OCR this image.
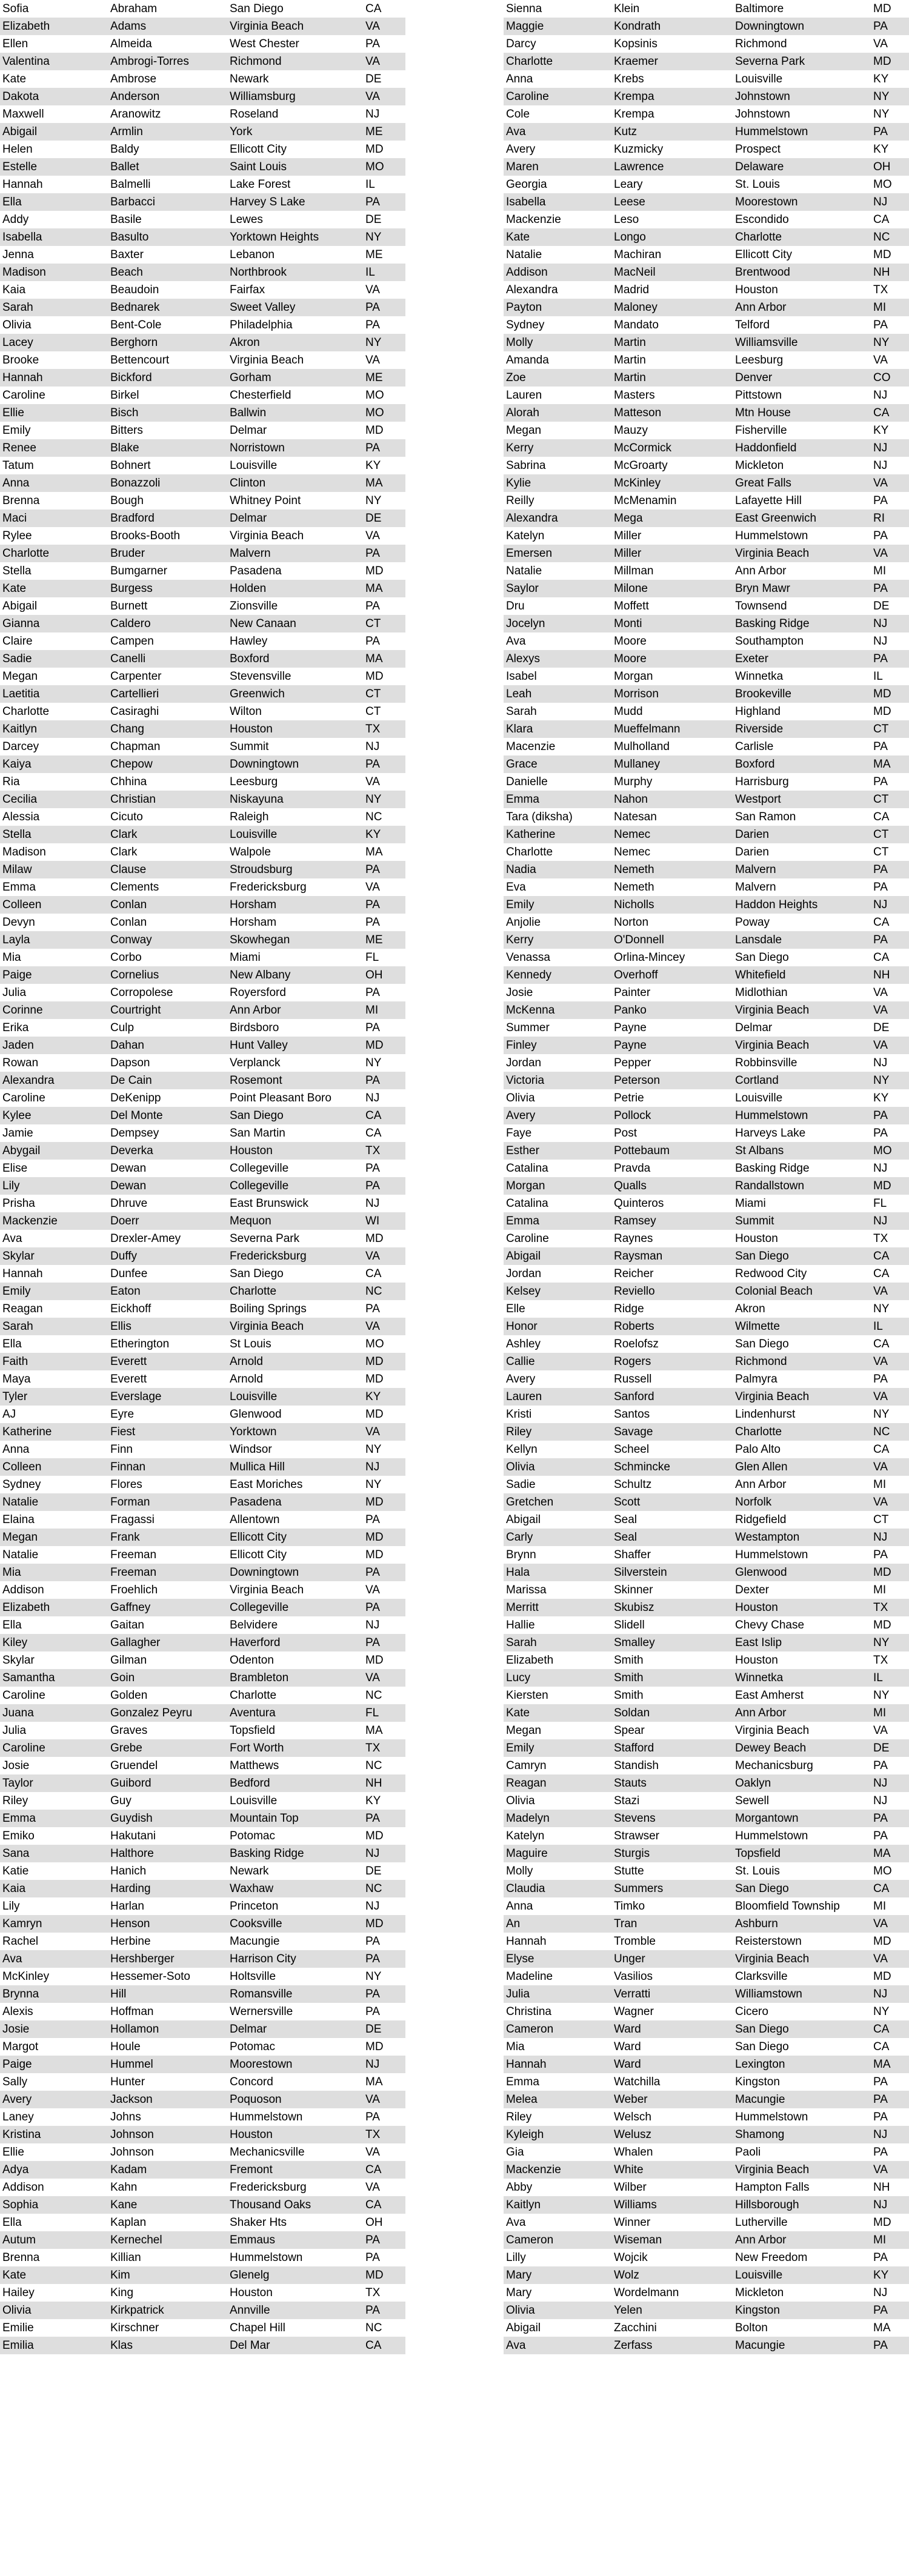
Sofia	Abraham	San Diego	CA
Elizabeth	Adams	Virginia Beach	VA
Ellen	Almeida	West Chester	PA
Valentina	Ambrogi-Torres	Richmond	VA
Kate	Ambrose	Newark	DE
Dakota	Anderson	Williamsburg	VA
Maxwell	Aranowitz	Roseland	NJ
Abigail	Armlin	York	ME
Helen	Baldy	Ellicott City	MD
Estelle	Ballet	Saint Louis	MO
Hannah	Balmelli	Lake Forest	IL
Ella	Barbacci	Harvey S Lake	PA
Addy	Basile	Lewes	DE
Isabella	Basulto	Yorktown Heights	NY
Jenna	Baxter	Lebanon	ME
Madison	Beach	Northbrook	IL
Kaia	Beaudoin	Fairfax	VA
Sarah	Bednarek	Sweet Valley	PA
Olivia	Bent-Cole	Philadelphia	PA
Lacey	Berghorn	Akron	NY
Brooke	Bettencourt	Virginia Beach	VA
Hannah	Bickford	Gorham	ME
Caroline	Birkel	Chesterfield	MO
Ellie	Bisch	Ballwin	MO
Emily	Bitters	Delmar	MD
Renee	Blake	Norristown	PA
Tatum	Bohnert	Louisville	KY
Anna	Bonazzoli	Clinton	MA
Brenna	Bough	Whitney Point	NY
Maci	Bradford	Delmar	DE
Rylee	Brooks-Booth	Virginia Beach	VA
Charlotte	Bruder	Malvern	PA
Stella	Bumgarner	Pasadena	MD
Kate	Burgess	Holden	MA
Abigail	Burnett	Zionsville	PA
Gianna	Caldero	New Canaan	CT
Claire	Campen	Hawley	PA
Sadie	Canelli	Boxford	MA
Megan	Carpenter	Stevensville	MD
Laetitia	Cartellieri	Greenwich	CT
Charlotte	Casiraghi	Wilton	CT
Kaitlyn	Chang	Houston	TX
Darcey	Chapman	Summit	NJ
Kaiya	Chepow	Downingtown	PA
Ria	Chhina	Leesburg	VA
Cecilia	Christian	Niskayuna	NY
Alessia	Cicuto	Raleigh	NC
Stella	Clark	Louisville	KY
Madison	Clark	Walpole	MA
Milaw	Clause	Stroudsburg	PA
Emma	Clements	Fredericksburg	VA
Colleen	Conlan	Horsham	PA
Devyn	Conlan	Horsham	PA
Layla	Conway	Skowhegan	ME
Mia	Corbo	Miami	FL
Paige	Cornelius	New Albany	OH
Julia	Corropolese	Royersford	PA
Corinne	Courtright	Ann Arbor	MI
Erika	Culp	Birdsboro	PA
Jaden	Dahan	Hunt Valley	MD
Rowan	Dapson	Verplanck	NY
Alexandra	De Cain	Rosemont	PA
Caroline	DeKenipp	Point Pleasant Boro	NJ
Kylee	Del Monte	San Diego	CA
Jamie	Dempsey	San Martin	CA
Abygail	Deverka	Houston	TX
Elise	Dewan	Collegeville	PA
Lily	Dewan	Collegeville	PA
Prisha	Dhruve	East Brunswick	NJ
Mackenzie	Doerr	Mequon	WI
Ava	Drexler-Amey	Severna Park	MD
Skylar	Duffy	Fredericksburg	VA
Hannah	Dunfee	San Diego	CA
Emily	Eaton	Charlotte	NC
Reagan	Eickhoff	Boiling Springs	PA
Sarah	Ellis	Virginia Beach	VA
Ella	Etherington	St Louis	MO
Faith	Everett	Arnold	MD
Maya	Everett	Arnold	MD
Tyler	Everslage	Louisville	KY
AJ	Eyre	Glenwood	MD
Katherine	Fiest	Yorktown	VA
Anna	Finn	Windsor	NY
Colleen	Finnan	Mullica Hill	NJ
Sydney	Flores	East Moriches	NY
Natalie	Forman	Pasadena	MD
Elaina	Fragassi	Allentown	PA
Megan	Frank	Ellicott City	MD
Natalie	Freeman	Ellicott City	MD
Mia	Freeman	Downingtown	PA
Addison	Froehlich	Virginia Beach	VA
Elizabeth	Gaffney	Collegeville	PA
Ella	Gaitan	Belvidere	NJ
Kiley	Gallagher	Haverford	PA
Skylar	Gilman	Odenton	MD
Samantha	Goin	Brambleton	VA
Caroline	Golden	Charlotte	NC
Juana	Gonzalez Peyru	Aventura	FL
Julia	Graves	Topsfield	MA
Caroline	Grebe	Fort Worth	TX
Josie	Gruendel	Matthews	NC
Taylor	Guibord	Bedford	NH
Riley	Guy	Louisville	KY
Emma	Guydish	Mountain Top	PA
Emiko	Hakutani	Potomac	MD
Sana	Halthore	Basking Ridge	NJ
Katie	Hanich	Newark	DE
Kaia	Harding	Waxhaw	NC
Lily	Harlan	Princeton	NJ
Kamryn	Henson	Cooksville	MD
Rachel	Herbine	Macungie	PA
Ava	Hershberger	Harrison City	PA
McKinley	Hessemer-Soto	Holtsville	NY
Brynna	Hill	Romansville	PA
Alexis	Hoffman	Wernersville	PA
Josie	Hollamon	Delmar	DE
Margot	Houle	Potomac	MD
Paige	Hummel	Moorestown	NJ
Sally	Hunter	Concord	MA
Avery	Jackson	Poquoson	VA
Laney	Johns	Hummelstown	PA
Kristina	Johnson	Houston	TX
Ellie	Johnson	Mechanicsville	VA
Adya	Kadam	Fremont	CA
Addison	Kahn	Fredericksburg	VA
Sophia	Kane	Thousand Oaks	CA
Ella	Kaplan	Shaker Hts	OH
Autum	Kernechel	Emmaus	PA
Brenna	Killian	Hummelstown	PA
Kate	Kim	Glenelg	MD
Hailey	King	Houston	TX
Olivia	Kirkpatrick	Annville	PA
Emilie	Kirschner	Chapel Hill	NC
Emilia	Klas	Del Mar	CA
Sienna	Klein	Baltimore	MD
Maggie	Kondrath	Downingtown	PA
Darcy	Kopsinis	Richmond	VA
Charlotte	Kraemer	Severna Park	MD
Anna	Krebs	Louisville	KY
Caroline	Krempa	Johnstown	NY
Cole	Krempa	Johnstown	NY
Ava	Kutz	Hummelstown	PA
Avery	Kuzmicky	Prospect	KY
Maren	Lawrence	Delaware	OH
Georgia	Leary	St. Louis	MO
Isabella	Leese	Moorestown	NJ
Mackenzie	Leso	Escondido	CA
Kate	Longo	Charlotte	NC
Natalie	Machiran	Ellicott City	MD
Addison	MacNeil	Brentwood	NH
Alexandra	Madrid	Houston	TX
Payton	Maloney	Ann Arbor	MI
Sydney	Mandato	Telford	PA
Molly	Martin	Williamsville	NY
Amanda	Martin	Leesburg	VA
Zoe	Martin	Denver	CO
Lauren	Masters	Pittstown	NJ
Alorah	Matteson	Mtn House	CA
Megan	Mauzy	Fisherville	KY
Kerry	McCormick	Haddonfield	NJ
Sabrina	McGroarty	Mickleton	NJ
Kylie	McKinley	Great Falls	VA
Reilly	McMenamin	Lafayette Hill	PA
Alexandra	Mega	East Greenwich	RI
Katelyn	Miller	Hummelstown	PA
Emersen	Miller	Virginia Beach	VA
Natalie	Millman	Ann Arbor	MI
Saylor	Milone	Bryn Mawr	PA
Dru	Moffett	Townsend	DE
Jocelyn	Monti	Basking Ridge	NJ
Ava	Moore	Southampton	NJ
Alexys	Moore	Exeter	PA
Isabel	Morgan	Winnetka	IL
Leah	Morrison	Brookeville	MD
Sarah	Mudd	Highland	MD
Klara	Mueffelmann	Riverside	CT
Macenzie	Mulholland	Carlisle	PA
Grace	Mullaney	Boxford	MA
Danielle	Murphy	Harrisburg	PA
Emma	Nahon	Westport	CT
Tara (diksha)	Natesan	San Ramon	CA
Katherine	Nemec	Darien	CT
Charlotte	Nemec	Darien	CT
Nadia	Nemeth	Malvern	PA
Eva	Nemeth	Malvern	PA
Emily	Nicholls	Haddon Heights	NJ
Anjolie	Norton	Poway	CA
Kerry	O'Donnell	Lansdale	PA
Venassa	Orlina-Mincey	San Diego	CA
Kennedy	Overhoff	Whitefield	NH
Josie	Painter	Midlothian	VA
McKenna	Panko	Virginia Beach	VA
Summer	Payne	Delmar	DE
Finley	Payne	Virginia Beach	VA
Jordan	Pepper	Robbinsville	NJ
Victoria	Peterson	Cortland	NY
Olivia	Petrie	Louisville	KY
Avery	Pollock	Hummelstown	PA
Faye	Post	Harveys Lake	PA
Esther	Pottebaum	St Albans	MO
Catalina	Pravda	Basking Ridge	NJ
Morgan	Qualls	Randallstown	MD
Catalina	Quinteros	Miami	FL
Emma	Ramsey	Summit	NJ
Caroline	Raynes	Houston	TX
Abigail	Raysman	San Diego	CA
Jordan	Reicher	Redwood City	CA
Kelsey	Reviello	Colonial Beach	VA
Elle	Ridge	Akron	NY
Honor	Roberts	Wilmette	IL
Ashley	Roelofsz	San Diego	CA
Callie	Rogers	Richmond	VA
Avery	Russell	Palmyra	PA
Lauren	Sanford	Virginia Beach	VA
Kristi	Santos	Lindenhurst	NY
Riley	Savage	Charlotte	NC
Kellyn	Scheel	Palo Alto	CA
Olivia	Schmincke	Glen Allen	VA
Sadie	Schultz	Ann Arbor	MI
Gretchen	Scott	Norfolk	VA
Abigail	Seal	Ridgefield	CT
Carly	Seal	Westampton	NJ
Brynn	Shaffer	Hummelstown	PA
Hala	Silverstein	Glenwood	MD
Marissa	Skinner	Dexter	MI
Merritt	Skubisz	Houston	TX
Hallie	Slidell	Chevy Chase	MD
Sarah	Smalley	East Islip	NY
Elizabeth	Smith	Houston	TX
Lucy	Smith	Winnetka	IL
Kiersten	Smith	East Amherst	NY
Kate	Soldan	Ann Arbor	MI
Megan	Spear	Virginia Beach	VA
Emily	Stafford	Dewey Beach	DE
Camryn	Standish	Mechanicsburg	PA
Reagan	Stauts	Oaklyn	NJ
Olivia	Stazi	Sewell	NJ
Madelyn	Stevens	Morgantown	PA
Katelyn	Strawser	Hummelstown	PA
Maguire	Sturgis	Topsfield	MA
Molly	Stutte	St. Louis	MO
Claudia	Summers	San Diego	CA
Anna	Timko	Bloomfield Township	MI
An	Tran	Ashburn	VA
Hannah	Tromble	Reisterstown	MD
Elyse	Unger	Virginia Beach	VA
Madeline	Vasilios	Clarksville	MD
Julia	Verratti	Williamstown	NJ
Christina	Wagner	Cicero	NY
Cameron	Ward	San Diego	CA
Mia	Ward	San Diego	CA
Hannah	Ward	Lexington	MA
Emma	Watchilla	Kingston	PA
Melea	Weber	Macungie	PA
Riley	Welsch	Hummelstown	PA
Kyleigh	Welusz	Shamong	NJ
Gia	Whalen	Paoli	PA
Mackenzie	White	Virginia Beach	VA
Abby	Wilber	Hampton Falls	NH
Kaitlyn	Williams	Hillsborough	NJ
Ava	Winner	Lutherville	MD
Cameron	Wiseman	Ann Arbor	MI
Lilly	Wojcik	New Freedom	PA
Mary	Wolz	Louisville	KY
Mary	Wordelmann	Mickleton	NJ
Olivia	Yelen	Kingston	PA
Abigail	Zacchini	Bolton	MA
Ava	Zerfass	Macungie	PA
